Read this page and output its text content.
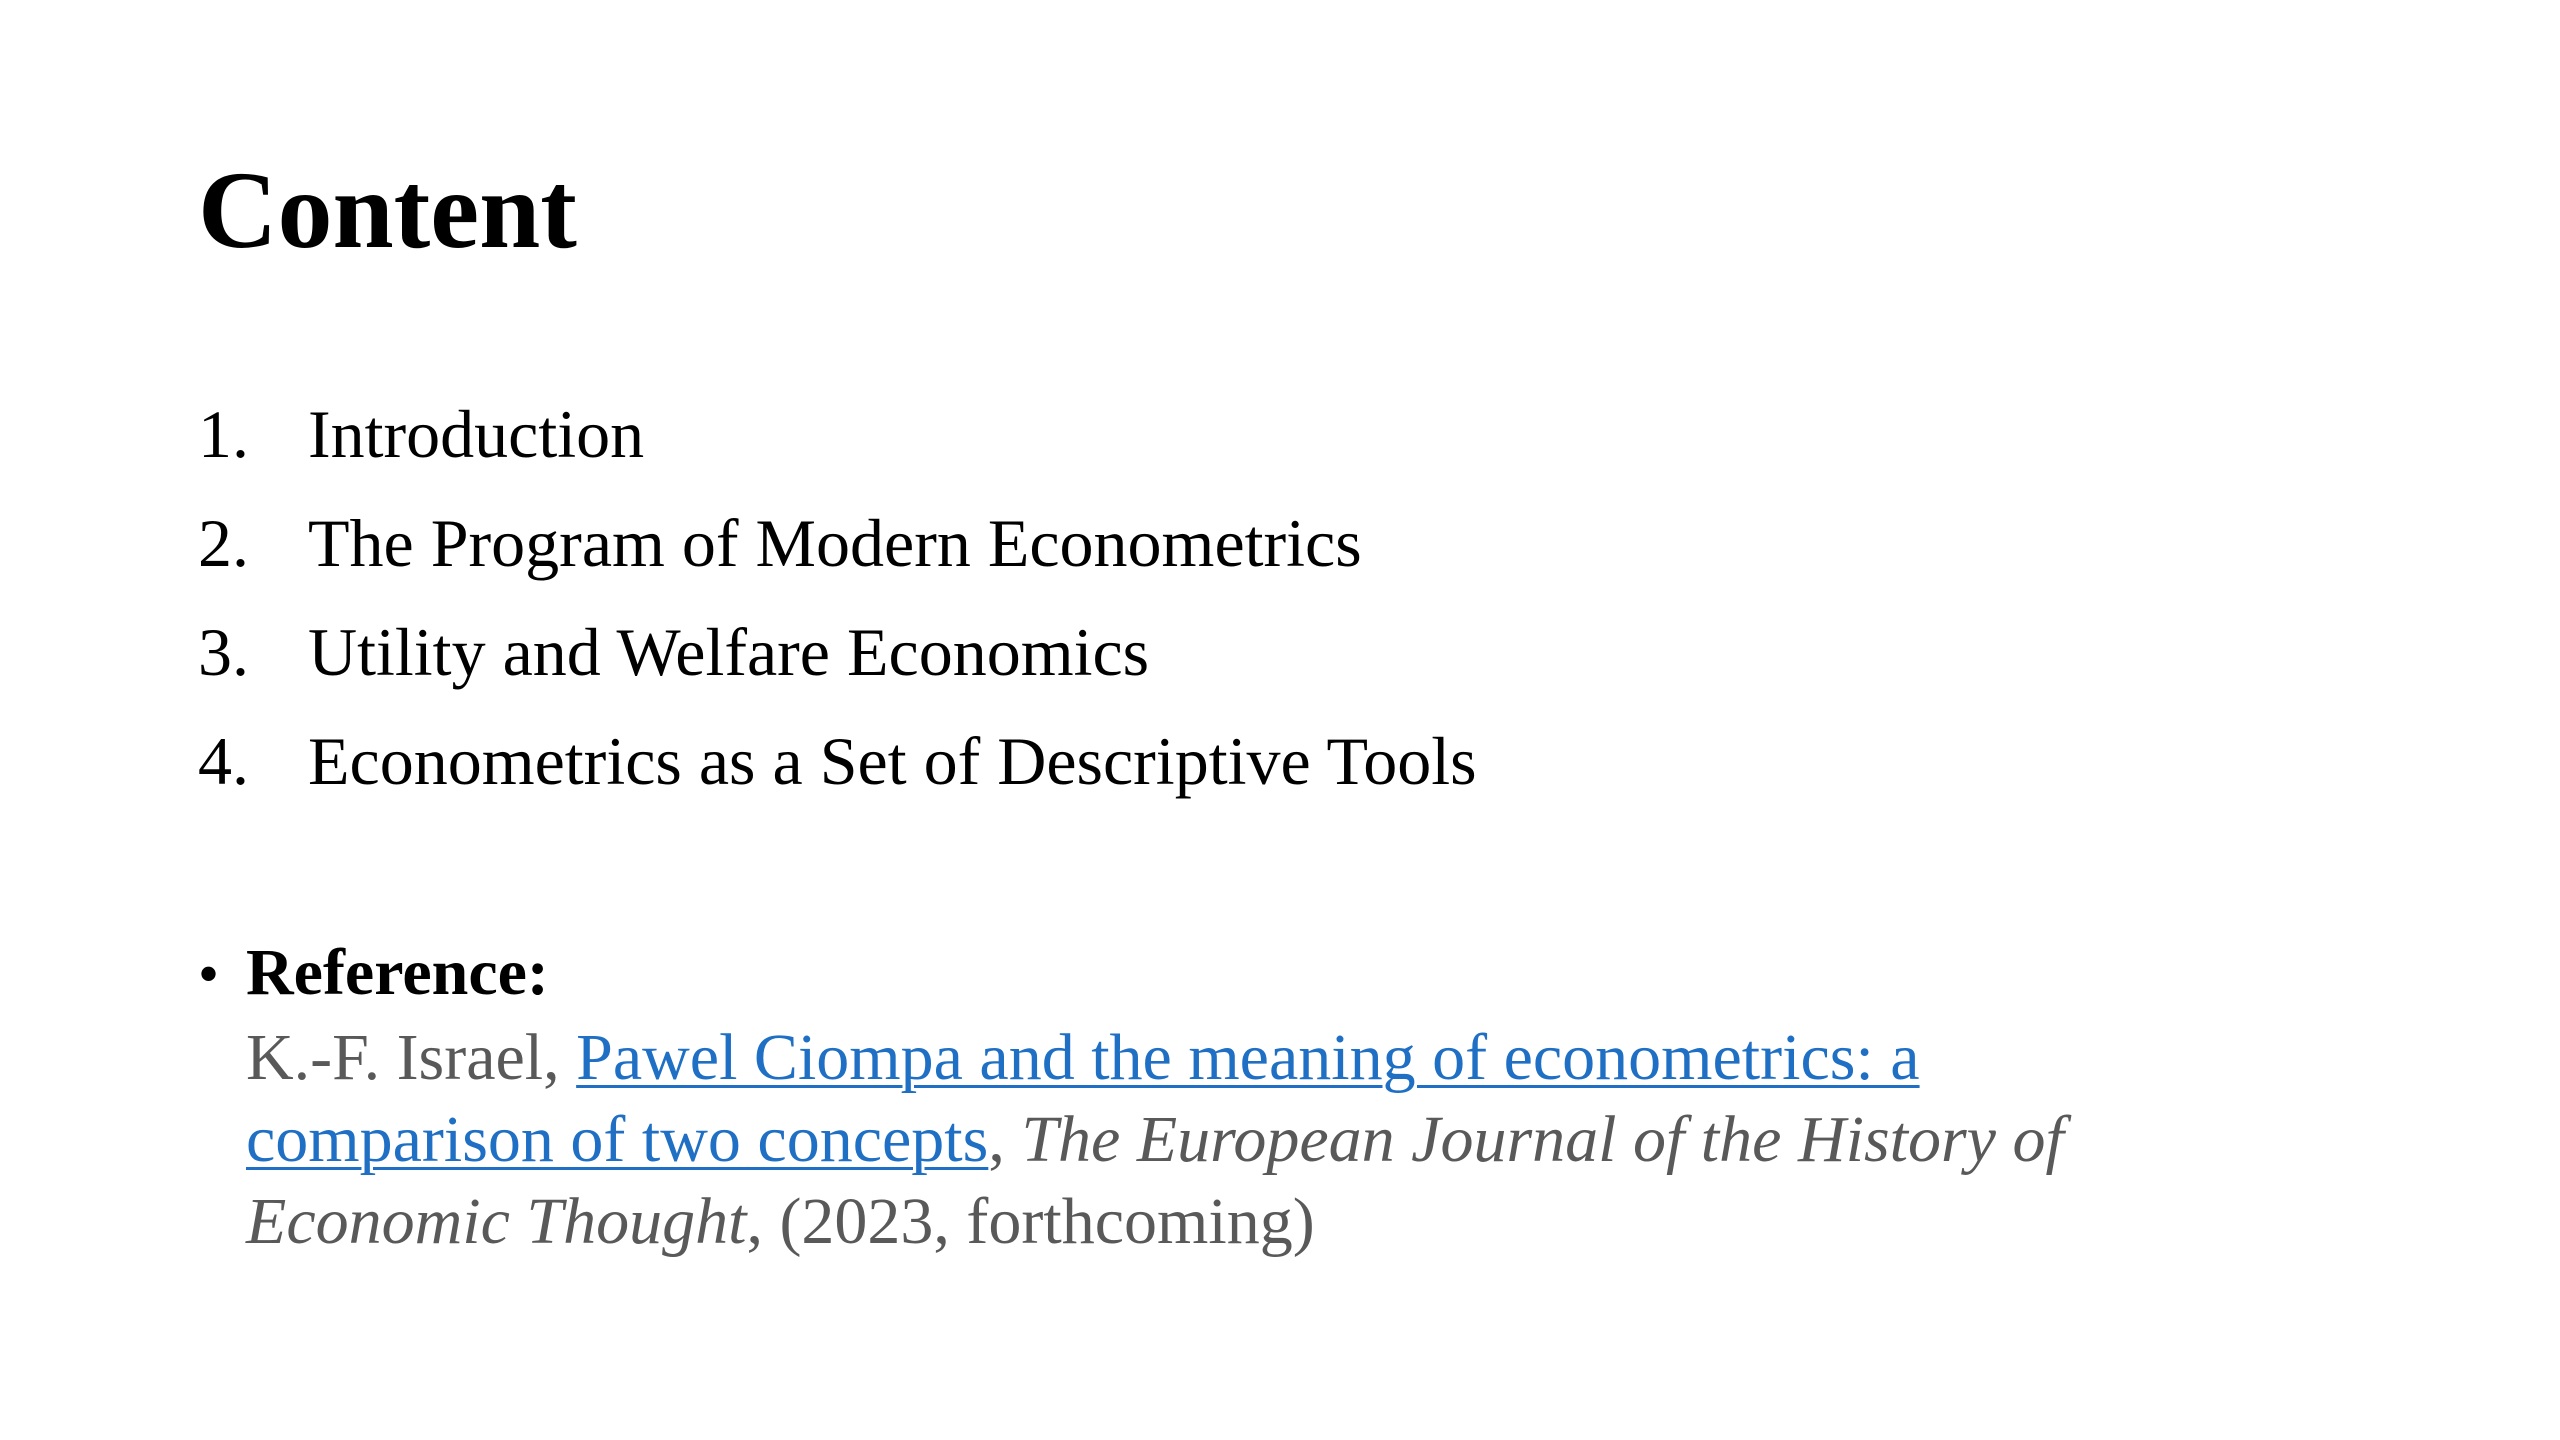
Content
1. Introduction
2. The Program of Modern Econometrics
3. Utility and Welfare Economics
4. Econometrics as a Set of Descriptive Tools
• Reference:
K.-F. Israel, Pawel Ciompa and the meaning of econometrics: a
comparison of two concepts, The European Journal of the History of
Economic Thought, (2023, forthcoming)
